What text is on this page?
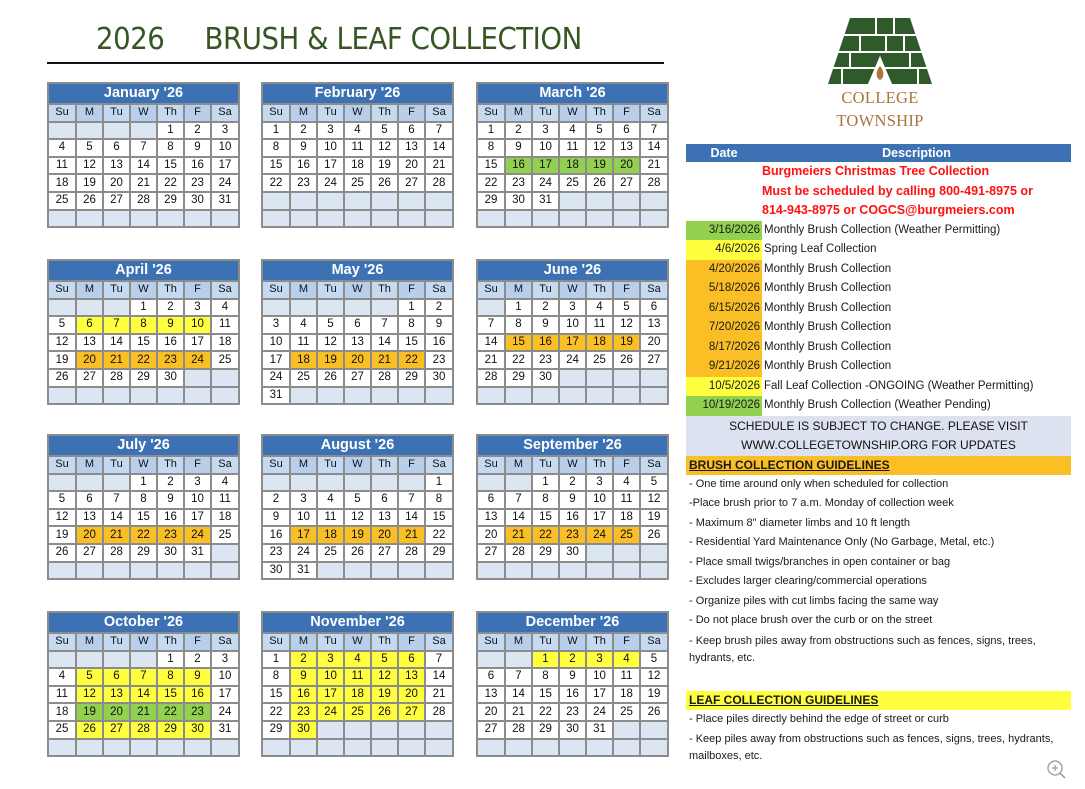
2026 BRUSH & LEAF COLLECTION
COLLEGE
TOWNSHIP
January '26
Su	M	Tu	W	Th	F	Sa
				1	2	3
4	5	6	7	8	9	10
11	12	13	14	15	16	17
18	19	20	21	22	23	24
25	26	27	28	29	30	31

February '26
Su	M	Tu	W	Th	F	Sa
1	2	3	4	5	6	7
8	9	10	11	12	13	14
15	16	17	18	19	20	21
22	23	24	25	26	27	28

March '26
Su	M	Tu	W	Th	F	Sa
1	2	3	4	5	6	7
8	9	10	11	12	13	14
15	16	17	18	19	20	21
22	23	24	25	26	27	28
29	30	31				

April '26
Su	M	Tu	W	Th	F	Sa
			1	2	3	4
5	6	7	8	9	10	11
12	13	14	15	16	17	18
19	20	21	22	23	24	25
26	27	28	29	30		

May '26
Su	M	Tu	W	Th	F	Sa
					1	2
3	4	5	6	7	8	9
10	11	12	13	14	15	16
17	18	19	20	21	22	23
24	25	26	27	28	29	30
31						
June '26
Su	M	Tu	W	Th	F	Sa
	1	2	3	4	5	6
7	8	9	10	11	12	13
14	15	16	17	18	19	20
21	22	23	24	25	26	27
28	29	30				

July '26
Su	M	Tu	W	Th	F	Sa
			1	2	3	4
5	6	7	8	9	10	11
12	13	14	15	16	17	18
19	20	21	22	23	24	25
26	27	28	29	30	31	

August '26
Su	M	Tu	W	Th	F	Sa
						1
2	3	4	5	6	7	8
9	10	11	12	13	14	15
16	17	18	19	20	21	22
23	24	25	26	27	28	29
30	31					
September '26
Su	M	Tu	W	Th	F	Sa
		1	2	3	4	5
6	7	8	9	10	11	12
13	14	15	16	17	18	19
20	21	22	23	24	25	26
27	28	29	30			

October '26
Su	M	Tu	W	Th	F	Sa
				1	2	3
4	5	6	7	8	9	10
11	12	13	14	15	16	17
18	19	20	21	22	23	24
25	26	27	28	29	30	31

November '26
Su	M	Tu	W	Th	F	Sa
1	2	3	4	5	6	7
8	9	10	11	12	13	14
15	16	17	18	19	20	21
22	23	24	25	26	27	28
29	30					

December '26
Su	M	Tu	W	Th	F	Sa
		1	2	3	4	5
6	7	8	9	10	11	12
13	14	15	16	17	18	19
20	21	22	23	24	25	26
27	28	29	30	31		

Date	Description
Burgmeiers Christmas Tree Collection
Must be scheduled by calling 800-491-8975 or
814-943-8975 or COGCS@burgmeiers.com
3/16/2026 Monthly Brush Collection (Weather Permitting)
4/6/2026 Spring Leaf Collection
4/20/2026 Monthly Brush Collection
5/18/2026 Monthly Brush Collection
6/15/2026 Monthly Brush Collection
7/20/2026 Monthly Brush Collection
8/17/2026 Monthly Brush Collection
9/21/2026 Monthly Brush Collection
10/5/2026 Fall Leaf Collection -ONGOING (Weather Permitting)
10/19/2026 Monthly Brush Collection (Weather Pending)
SCHEDULE IS SUBJECT TO CHANGE. PLEASE VISIT
WWW.COLLEGETOWNSHIP.ORG FOR UPDATES
BRUSH COLLECTION GUIDELINES
- One time around only when scheduled for collection
-Place brush prior to 7 a.m. Monday of collection week
- Maximum 8" diameter limbs and 10 ft length
- Residential Yard Maintenance Only (No Garbage, Metal, etc.)
- Place small twigs/branches in open container or bag
- Excludes larger clearing/commercial operations
- Organize piles with cut limbs facing the same way
- Do not place brush over the curb or on the street
- Keep brush piles away from obstructions such as fences, signs, trees, hydrants, etc.
LEAF COLLECTION GUIDELINES
- Place piles directly behind the edge of street or curb
- Keep piles away from obstructions such as fences, signs, trees, hydrants, mailboxes, etc.
